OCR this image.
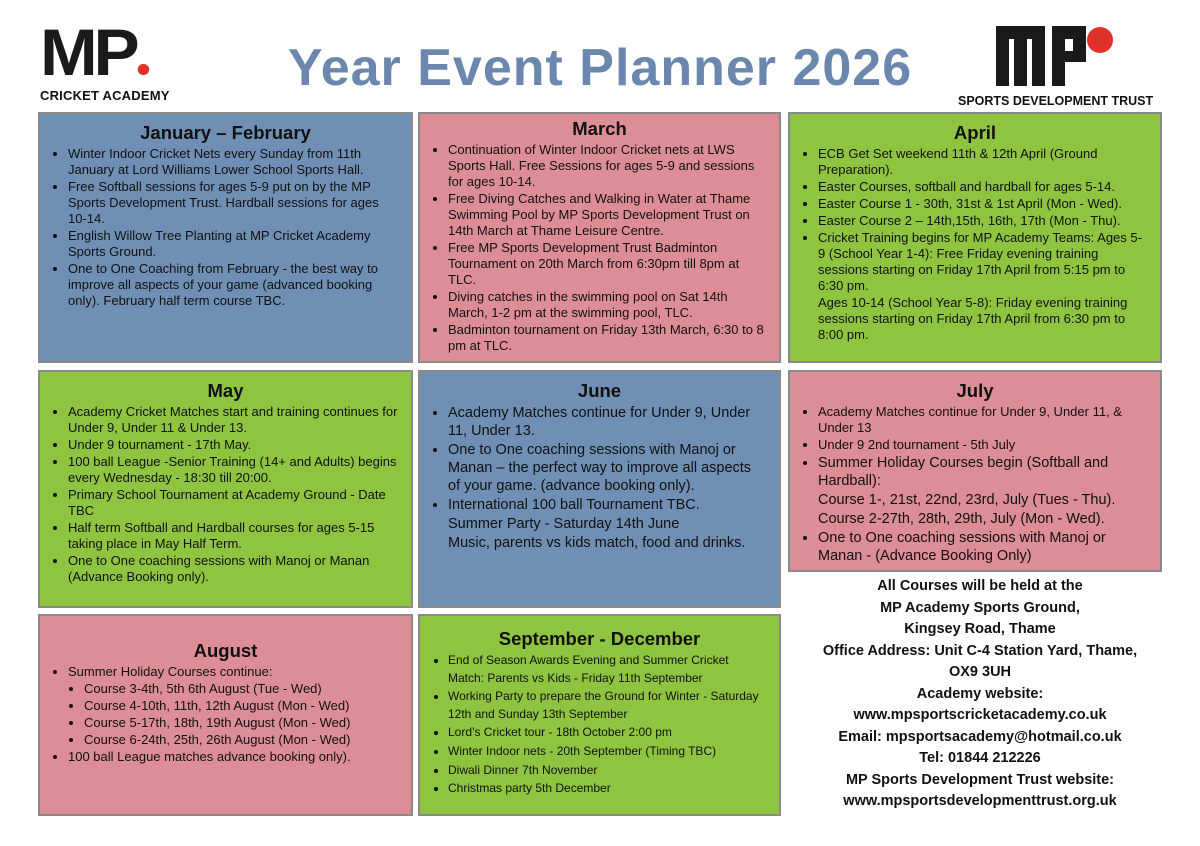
MP
CRICKET ACADEMY	Year Event Planner 2026
SPORTS DEVELOPMENT TRUST
January – February
• Winter Indoor Cricket Nets every Sunday from 11th January at Lord Williams Lower School Sports Hall.
• Free Softball sessions for ages 5-9 put on by the MP Sports Development Trust. Hardball sessions for ages 10-14.
• English Willow Tree Planting at MP Cricket Academy Sports Ground.
• One to One Coaching from February - the best way to improve all aspects of your game (advanced booking only). February half term course TBC.
March
• Continuation of Winter Indoor Cricket nets at LWS Sports Hall. Free Sessions for ages 5-9 and sessions for ages 10-14.
• Free Diving Catches and Walking in Water at Thame Swimming Pool by MP Sports Development Trust on 14th March at Thame Leisure Centre.
• Free MP Sports Development Trust Badminton Tournament on 20th March from 6:30pm till 8pm at TLC.
• Diving catches in the swimming pool on Sat 14th March, 1-2 pm at the swimming pool, TLC.
• Badminton tournament on Friday 13th March, 6:30 to 8 pm at TLC.
April
• ECB Get Set weekend 11th & 12th April (Ground Preparation).
• Easter Courses, softball and hardball for ages 5-14.
• Easter Course 1 - 30th, 31st & 1st April (Mon - Wed).
• Easter Course 2 – 14th,15th, 16th, 17th (Mon - Thu).
• Cricket Training begins for MP Academy Teams: Ages 5-9 (School Year 1-4): Free Friday evening training sessions starting on Friday 17th April from 5:15 pm to 6:30 pm.
Ages 10-14 (School Year 5-8): Friday evening training sessions starting on Friday 17th April from 6:30 pm to 8:00 pm.
May
• Academy Cricket Matches start and training continues for Under 9, Under 11 & Under 13.
• Under 9 tournament - 17th May.
• 100 ball League -Senior Training (14+ and Adults) begins every Wednesday - 18:30 till 20:00.
• Primary School Tournament at Academy Ground - Date TBC
• Half term Softball and Hardball courses for ages 5-15 taking place in May Half Term.
• One to One coaching sessions with Manoj or Manan (Advance Booking only).
June
• Academy Matches continue for Under 9, Under 11, Under 13.
• One to One coaching sessions with Manoj or Manan – the perfect way to improve all aspects of your game. (advance booking only).
• International 100 ball Tournament TBC.
Summer Party - Saturday 14th June
Music, parents vs kids match, food and drinks.
July
• Academy Matches continue for Under 9, Under 11, & Under 13
• Under 9 2nd tournament - 5th July
• Summer Holiday Courses begin (Softball and Hardball):
Course 1-, 21st, 22nd, 23rd, July (Tues - Thu).
Course 2-27th, 28th, 29th, July (Mon - Wed).
• One to One coaching sessions with Manoj or Manan - (Advance Booking Only)
August
• Summer Holiday Courses continue:
• Course 3-4th, 5th 6th August (Tue - Wed)
• Course 4-10th, 11th, 12th August (Mon - Wed)
• Course 5-17th, 18th, 19th August (Mon - Wed)
• Course 6-24th, 25th, 26th August (Mon - Wed)
• 100 ball League matches advance booking only).
September - December
• End of Season Awards Evening and Summer Cricket Match: Parents vs Kids - Friday 11th September
• Working Party to prepare the Ground for Winter - Saturday 12th and Sunday 13th September
• Lord’s Cricket tour - 18th October 2:00 pm
• Winter Indoor nets - 20th September (Timing TBC)
• Diwali Dinner 7th November
• Christmas party 5th December
All Courses will be held at the
MP Academy Sports Ground,
Kingsey Road, Thame
Office Address: Unit C-4 Station Yard, Thame,
OX9 3UH
Academy website:
www.mpsportscricketacademy.co.uk
Email: mpsportsacademy@hotmail.co.uk
Tel: 01844 212226
MP Sports Development Trust website:
www.mpsportsdevelopmenttrust.org.uk
